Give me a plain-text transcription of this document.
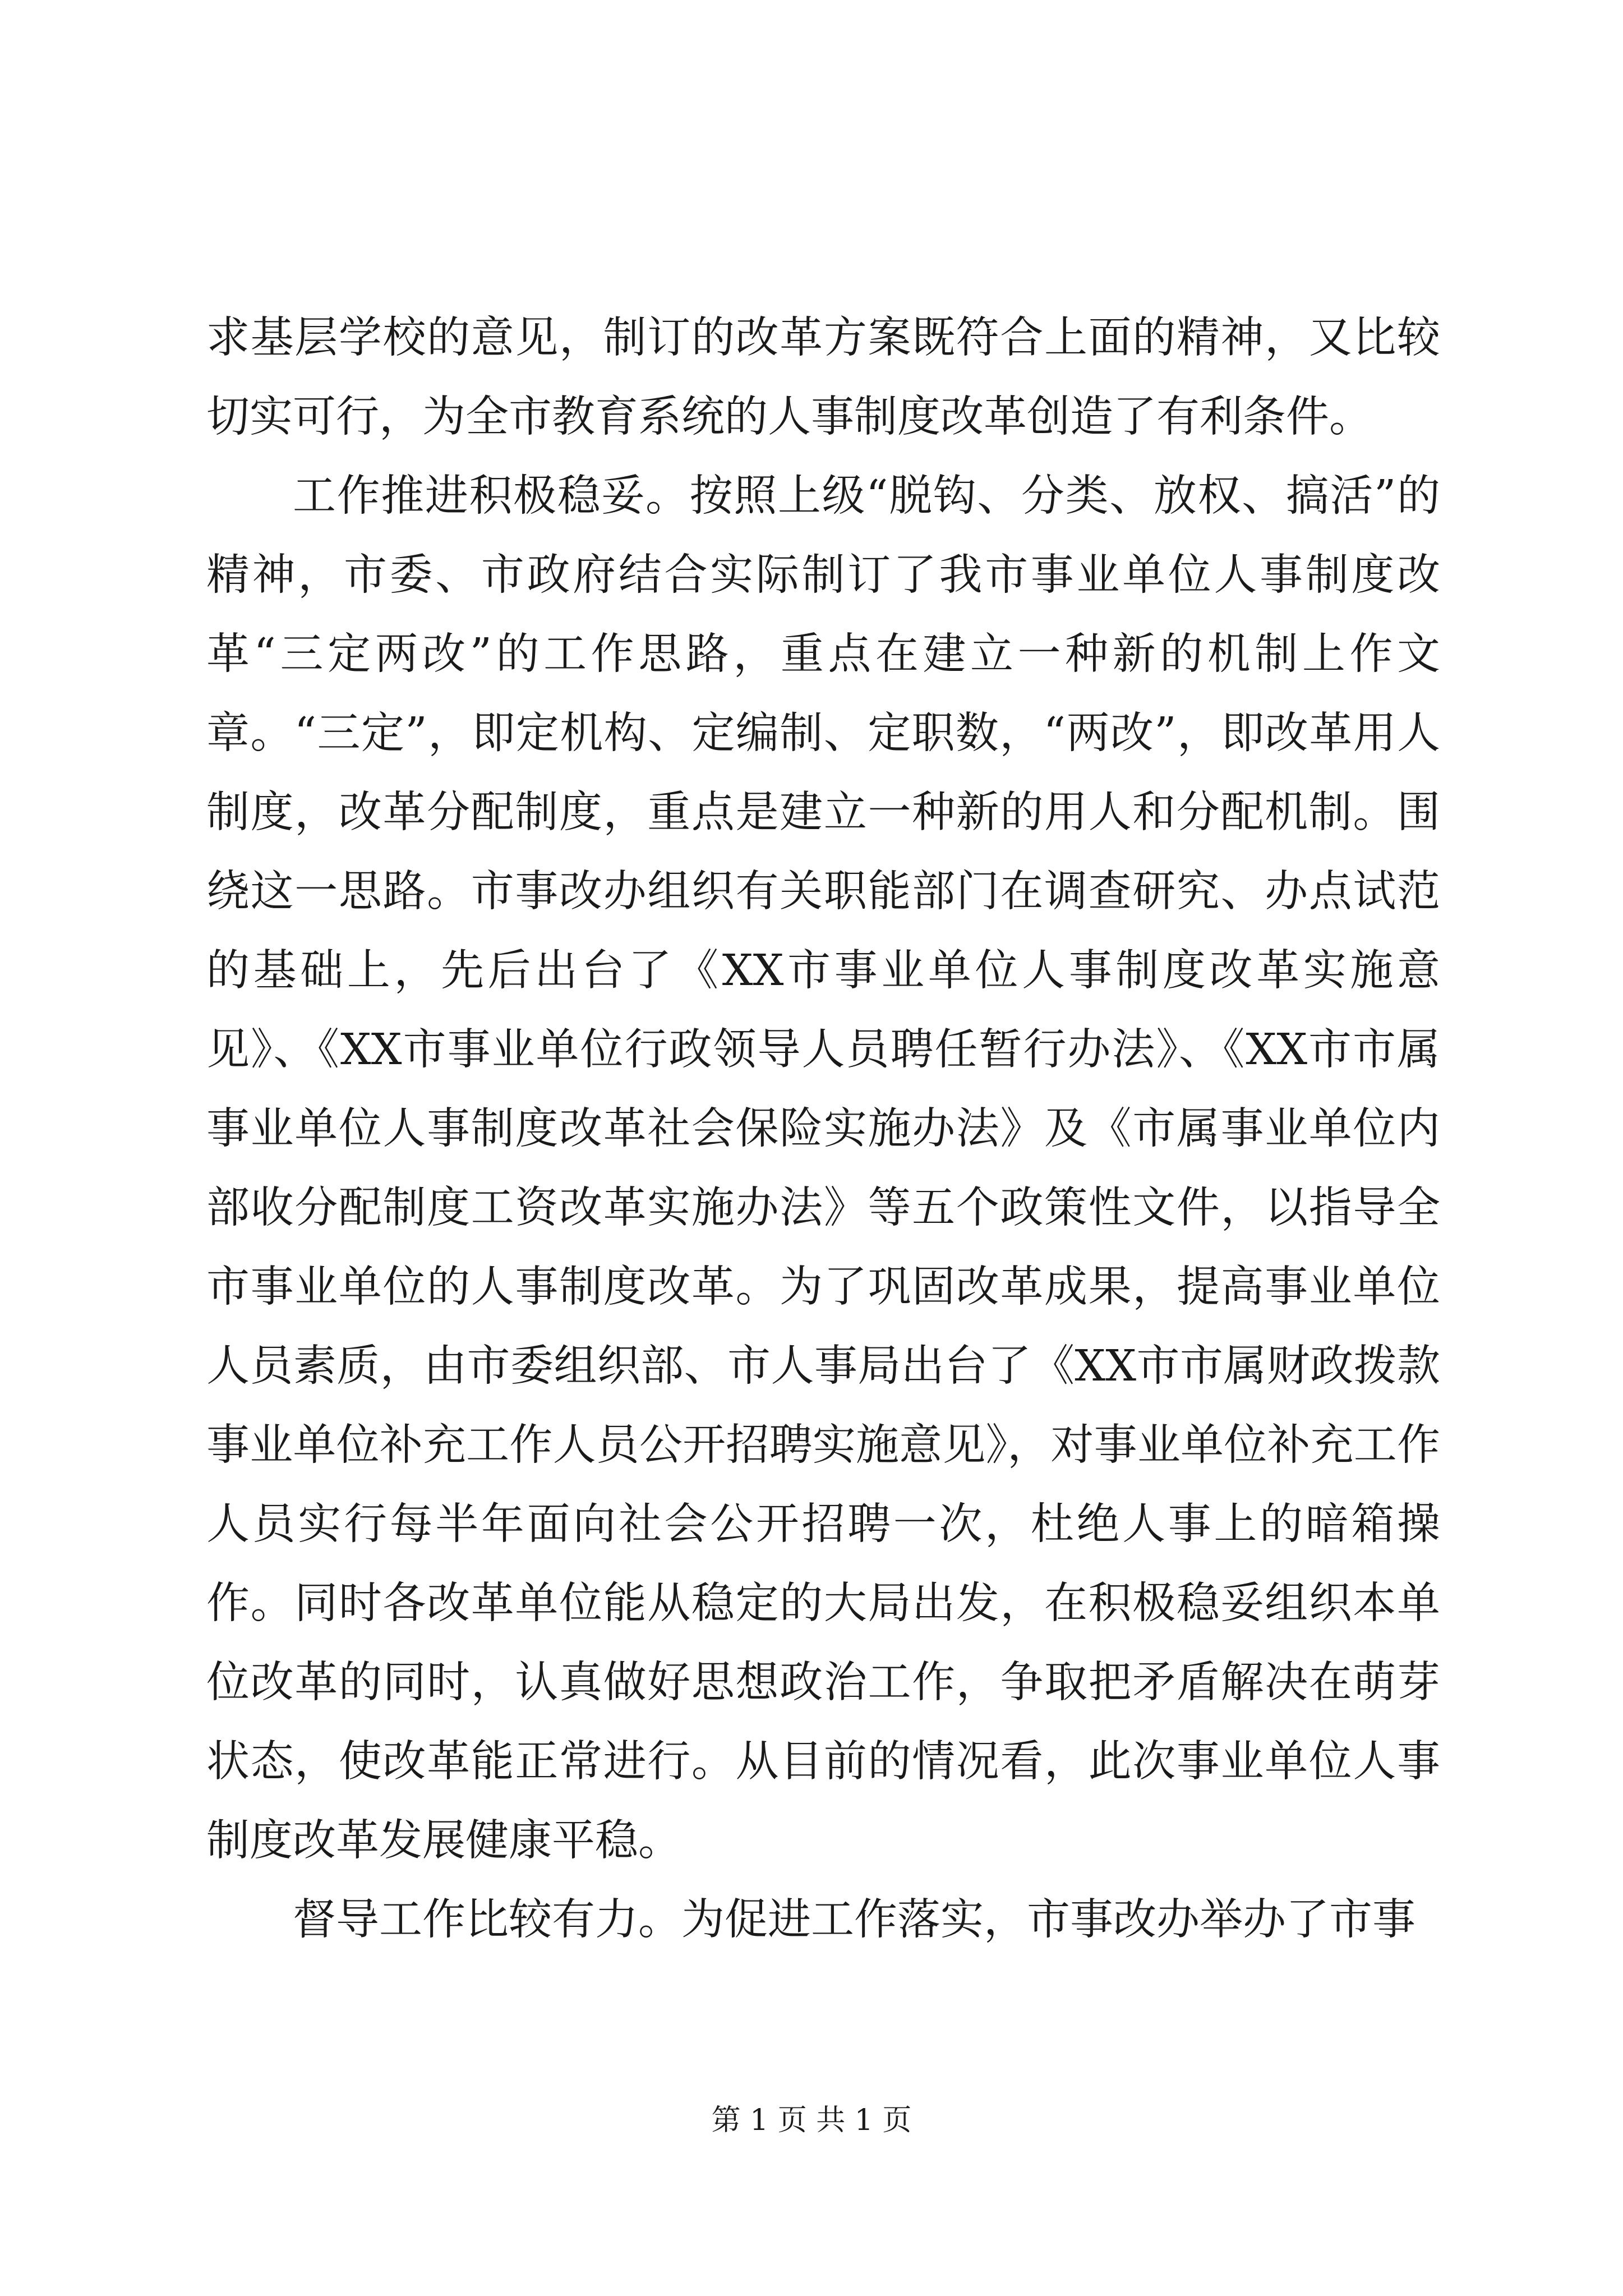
求基层学校的意见，制订的改革方案既符合上面的精神，又比较切实可行，为全市教育系统的人事制度改革创造了有利条件。

工作推进积极稳妥。按照上级“脱钩、分类、放权、搞活”的精神，市委、市政府结合实际制订了我市事业单位人事制度改革“三定两改”的工作思路，重点在建立一种新的机制上作文章。“三定”，即定机构、定编制、定职数，“两改”，即改革用人制度，改革分配制度，重点是建立一种新的用人和分配机制。围绕这一思路。市事改办组织有关职能部门在调查研究、办点试范的基础上，先后出台了《XX市事业单位人事制度改革实施意见》、《XX市事业单位行政领导人员聘任暂行办法》、《XX市市属事业单位人事制度改革社会保险实施办法》及《市属事业单位内部收分配制度工资改革实施办法》等五个政策性文件，以指导全市事业单位的人事制度改革。为了巩固改革成果，提高事业单位人员素质，由市委组织部、市人事局出台了《XX市市属财政拨款事业单位补充工作人员公开招聘实施意见》，对事业单位补充工作人员实行每半年面向社会公开招聘一次，杜绝人事上的暗箱操作。同时各改革单位能从稳定的大局出发，在积极稳妥组织本单位改革的同时，认真做好思想政治工作，争取把矛盾解决在萌芽状态，使改革能正常进行。从目前的情况看，此次事业单位人事制度改革发展健康平稳。

督导工作比较有力。为促进工作落实，市事改办举办了市事

第 1 页 共 1 页
